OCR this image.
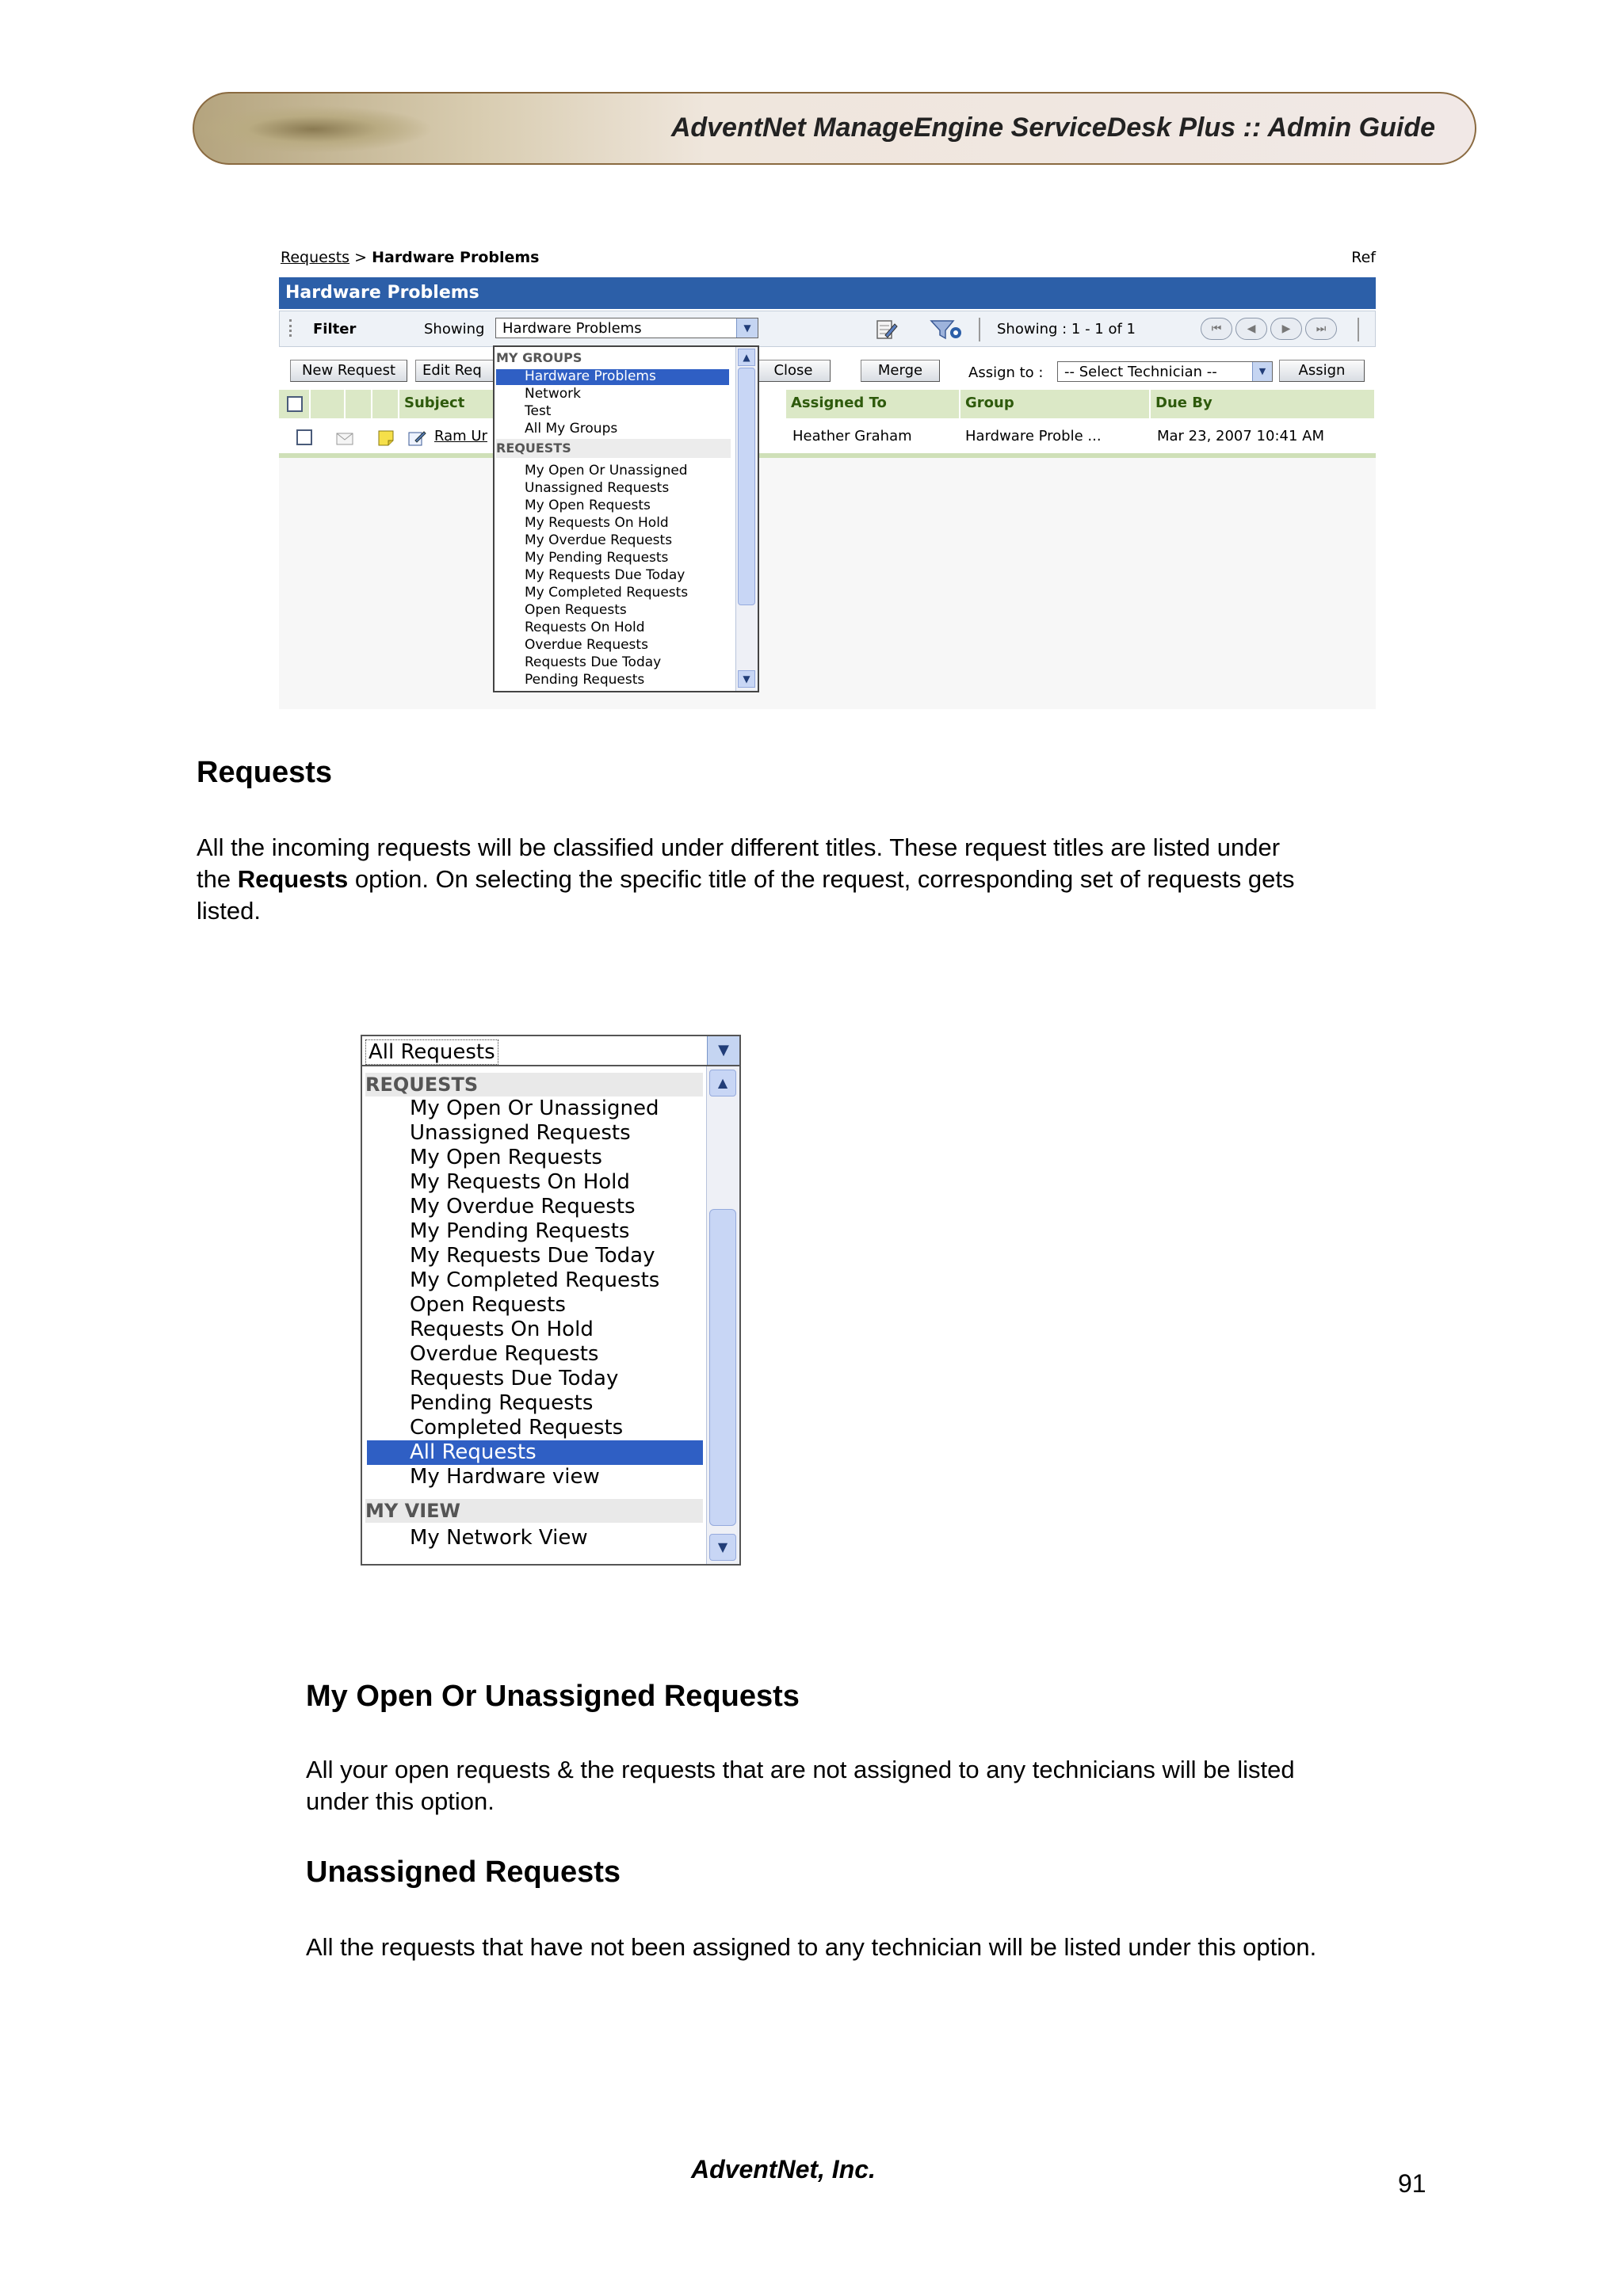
AdventNet ManageEngine ServiceDesk Plus :: Admin Guide
Requests > Hardware Problems	Ref
Hardware Problems
Filter	Showing Hardware Problems	▼	Showing : 1 - 1 of 1	⏮	◀	▶	⏭
New Request	Edit Req	Close	Merge	Assign to : -- Select Technician --	▼	Assign
Subject	Assigned To	Group	Due By
Ram Ur	Heather Graham	Hardware Proble ...	Mar 23, 2007 10:41 AM
MY GROUPS
Hardware Problems
Network
Test
All My Groups
REQUESTS
My Open Or Unassigned
Unassigned Requests
My Open Requests
My Requests On Hold
My Overdue Requests
My Pending Requests
My Requests Due Today
My Completed Requests
Open Requests
Requests On Hold
Overdue Requests
Requests Due Today
Pending Requests
▲
▼
Requests
All the incoming requests will be classified under different titles. These request titles are listed under
the Requests option. On selecting the specific title of the request, corresponding set of requests gets
listed.
All Requests	▼
REQUESTS
My Open Or Unassigned
Unassigned Requests
My Open Requests
My Requests On Hold
My Overdue Requests
My Pending Requests
My Requests Due Today
My Completed Requests
Open Requests
Requests On Hold
Overdue Requests
Requests Due Today
Pending Requests
Completed Requests
All Requests
My Hardware view
MY VIEW
My Network View
▲
▼
My Open Or Unassigned Requests
All your open requests & the requests that are not assigned to any technicians will be listed
under this option.
Unassigned Requests
All the requests that have not been assigned to any technician will be listed under this option.
AdventNet, Inc.	91
